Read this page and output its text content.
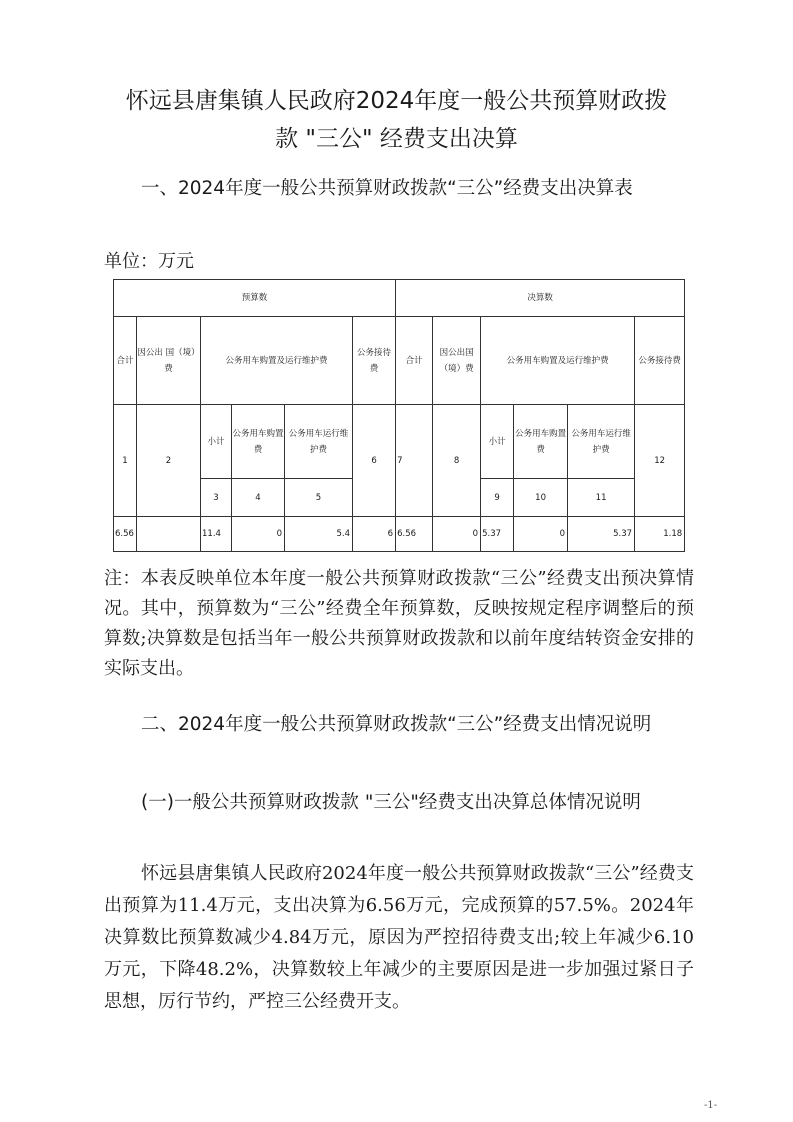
怀远县唐集镇人民政府2024年度一般公共预算财政拨
款 "三公" 经费支出决算
一、2024年度一般公共预算财政拨款“三公”经费支出决算表
单位：万元
预算数						决算数					
合计	因公出 国（境）费	公务用车购置及运行维护费			公务接待费	合计	因公出国 （境）费	公务用车购置及运行维护费			公务接待费
1	2	小计	公务用车购置费	公务用车运行维护费	6	7	8	小计	公务用车购置费	公务用车运行维护费	12
		3	4	5				9	10	11	
6.56		11.4	0	5.4	6	6.56	0	5.37	0	5.37	1.18
注：本表反映单位本年度一般公共预算财政拨款“三公”经费支出预决算情况。其中，预算数为“三公”经费全年预算数，反映按规定程序调整后的预算数;决算数是包括当年一般公共预算财政拨款和以前年度结转资金安排的实际支出。
二、2024年度一般公共预算财政拨款“三公”经费支出情况说明
(一)一般公共预算财政拨款 "三公"经费支出决算总体情况说明
怀远县唐集镇人民政府2024年度一般公共预算财政拨款“三公”经费支出预算为11.4万元，支出决算为6.56万元，完成预算的57.5%。2024年决算数比预算数减少4.84万元，原因为严控招待费支出;较上年减少6.10 万元，下降48.2%，决算数较上年减少的主要原因是进一步加强过紧日子思想，厉行节约，严控三公经费开支。
-1-
